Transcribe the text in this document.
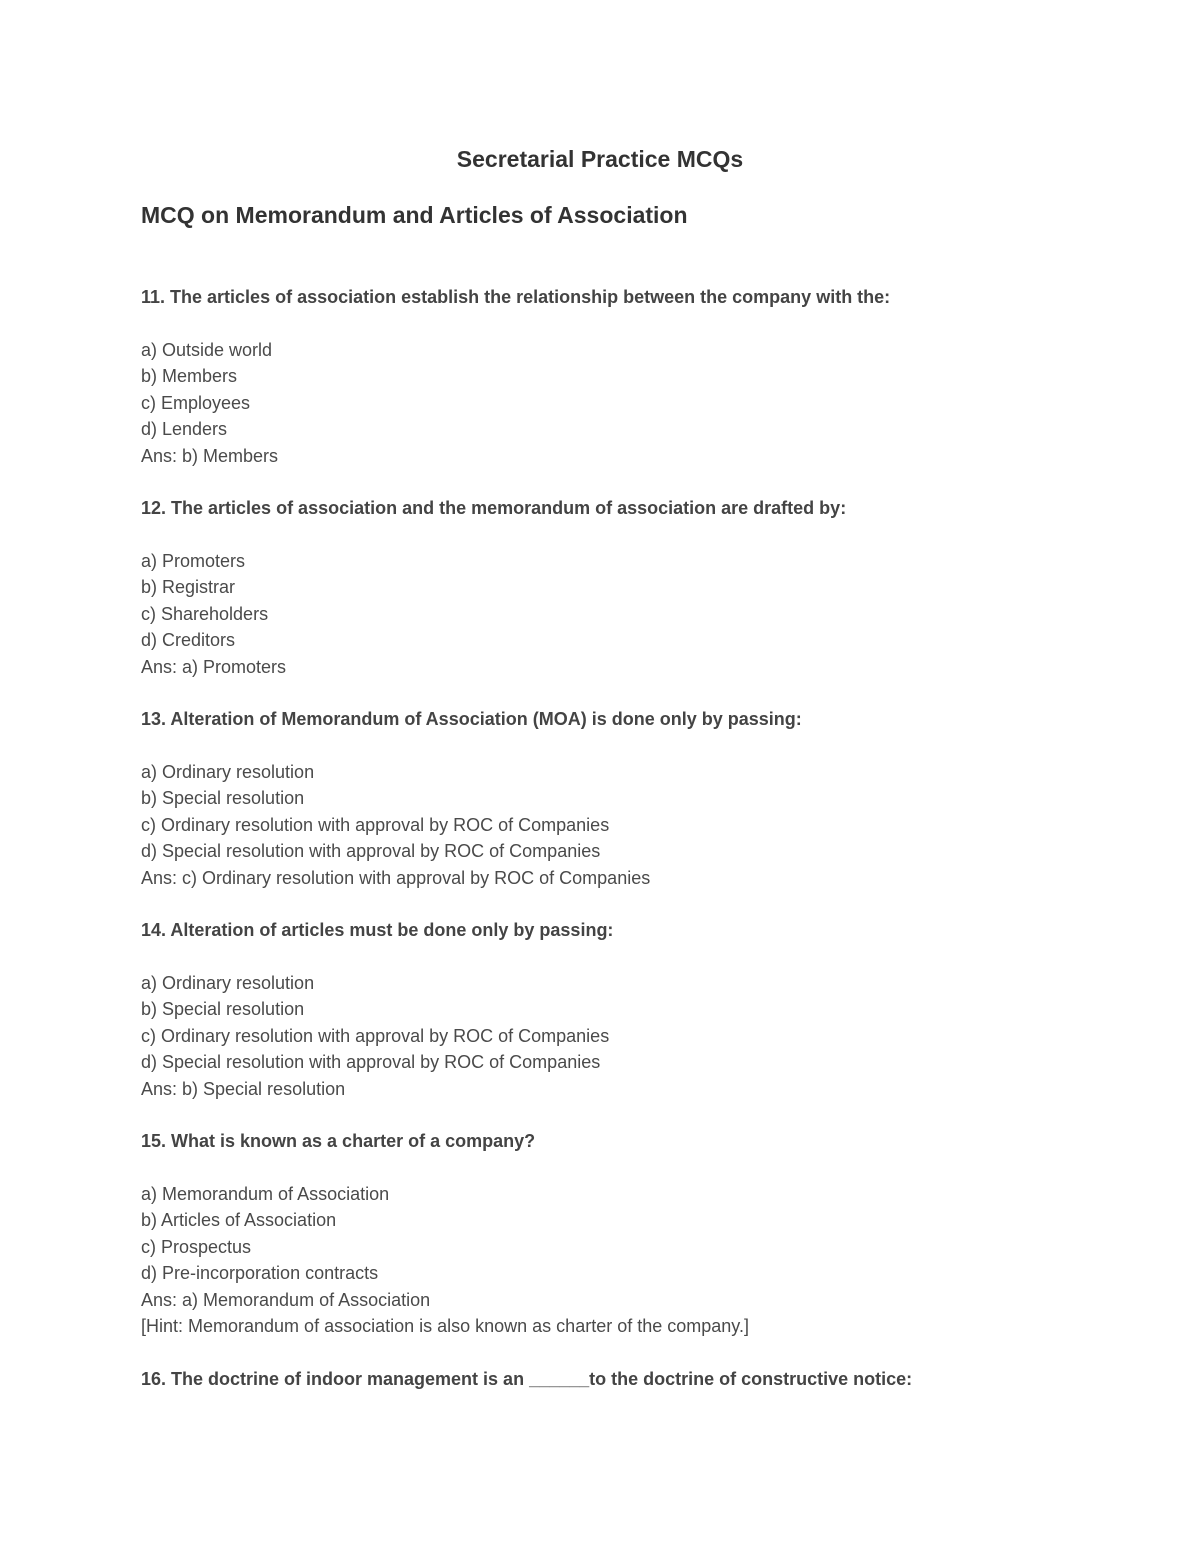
Secretarial Practice MCQs
MCQ on Memorandum and Articles of Association

11. The articles of association establish the relationship between the company with the:

a) Outside world
b) Members
c) Employees
d) Lenders

Ans: b) Members

12. The articles of association and the memorandum of association are drafted by:

a) Promoters
b) Registrar
c) Shareholders
d) Creditors

Ans: a) Promoters

13. Alteration of Memorandum of Association (MOA) is done only by passing:

a) Ordinary resolution
b) Special resolution
c) Ordinary resolution with approval by ROC of Companies
d) Special resolution with approval by ROC of Companies

Ans: c) Ordinary resolution with approval by ROC of Companies

14. Alteration of articles must be done only by passing:

a) Ordinary resolution
b) Special resolution
c) Ordinary resolution with approval by ROC of Companies
d) Special resolution with approval by ROC of Companies

Ans: b) Special resolution

15. What is known as a charter of a company?

a) Memorandum of Association
b) Articles of Association
c) Prospectus
d) Pre-incorporation contracts

Ans: a) Memorandum of Association

[Hint: Memorandum of association is also known as charter of the company.]

16. The doctrine of indoor management is an ______to the doctrine of constructive notice:
